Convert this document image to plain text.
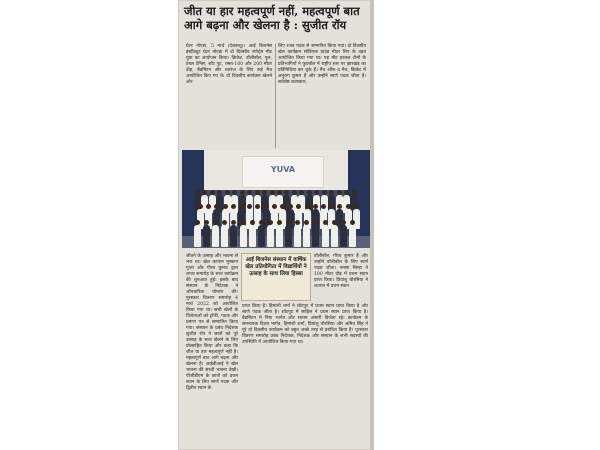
जीत या हार महत्वपूर्ण नहीं, महत्वपूर्ण बात आगे बढ़ना और खेलना है : सुजीत रॉय
ग्रेटर नोएडा, 5 मार्च (देशबन्धु)। आई बिजनेस इंस्टीट्यूट ग्रेटर नोएडा में दो दिवसीय स्पोर्ट्स मीट युवा का आयोजन किया। क्रिकेट, वॉलीबॉल, पूल, टेबल टेनिस, शॉट पुट, रस्सा-100 और 200 मीटर दौड़, बैडमिंटन और शतरंज के लिए कई मैच आयोजित किए गए थे। दो दिवसीय कार्यक्रम खेलने और
लिए रजत पदक से सम्मानित किया गया। दो दिवसीय खेल कार्यक्रम सोडिएक ग्राउंड मीटर शिप के तहत आयोजित किया गया था। यह मीट हरकत टीमों के प्रतिभागियों ने फुटबॉल में राष्ट्रीय स्तर पर झारखंड का प्रतिनिधित्व कर चुके हैं। मैच ऑफ द मैच, क्रिकेट में अनुराग कुमार हैं और उन्होंने स्वर्ण पदक जीता है। सर्वश्रेष्ठ कलाकार,
YUVA
जीतने के उत्साह और भावना से भरा था। खेल कप्तान मुस्कान गुप्ता और गौरव कुमार द्वारा शपथ समारोह के साथ कार्यक्रम की शुरुआत हुई। इसके बाद संस्थान के निदेशक ने औपचारिक घोषणा की। पुरस्कार वितरण समारोह 4 मार्च 2022 को आयोजित किया गया था। सभी खेलों के विजेताओं को ट्रॉफी, पदक और प्रमाण पत्र से सम्मानित किया गया। संस्थान के प्रबंध निदेशक सुजीत रॉय ने छात्रों को पूरे उत्साह के साथ खेलने के लिए प्रोत्साहित किया और कहा कि जीत या हार महत्वपूर्ण नहीं है। महत्वपूर्ण बात आगे बढ़ना और खेलना है। आईबीआई ने खेल भावना की सच्ची भावना देखी। पीजीडीएम के छात्रों को प्रथम स्थान के लिए स्वर्ण पदक और द्वितीय स्थान के
आई बिजनेस संस्थान में वार्षिक खेल प्रतियोगिता में विद्यार्थियों ने उत्साह के साथ लिया हिस्सा
वॉलीबॉल, गौरव कुमार हैं और उन्होंने वॉलीबॉल के लिए स्वर्ण पदक जीता। नमसा सिन्हा ने 100 मीटर दौड़ में प्रथम स्थान प्राप्त किया। प्रियांशु चौरसिया ने शतरंज में प्रथम स्थान
प्राप्त किया है। हिमांशी शर्मा ने शॉटपुट में प्रथम स्थान प्राप्त किया है और स्वर्ण पदक जीता है। शॉटपुट में साहिल ने प्रथम स्थान प्राप्त किया है। बैडमिंटन में निया भार्गव और सत्यम अंसारी विजेता रहे। कार्यक्रम के समन्वयक दिव्या भार्गव, हिमांशी शर्मा, प्रियांशु चौरसिया और अमित सिंह ने पूरे दो दिवसीय कार्यक्रम को बहुत अच्छे तरह से प्रबंधित किया है। पुरस्कार वितरण समारोह प्रबंध निदेशक, निदेशक और संस्थान के सभी सदस्यों की उपस्थिति में आयोजित किया गया था।
